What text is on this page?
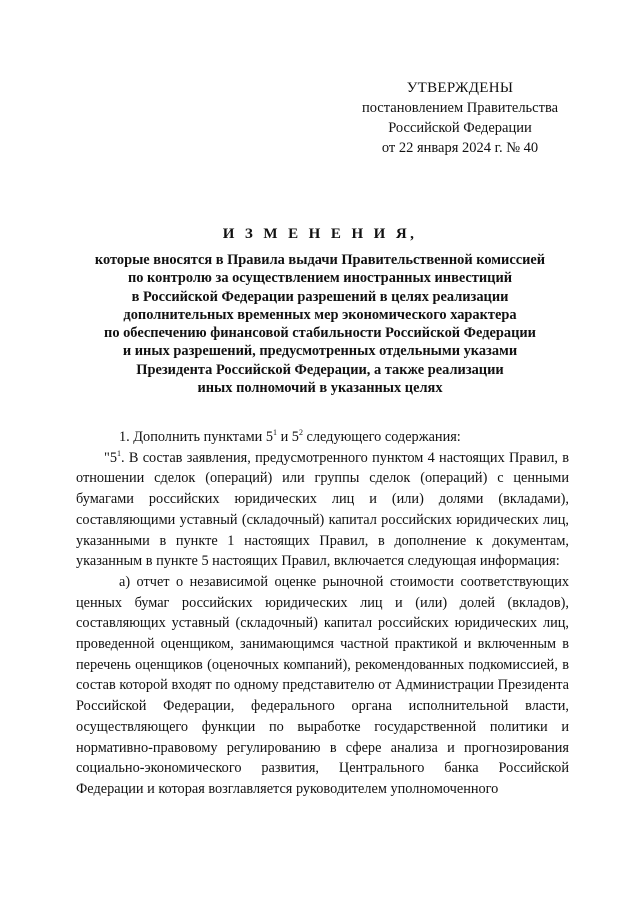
УТВЕРЖДЕНЫ
постановлением Правительства
Российской Федерации
от 22 января 2024 г. № 40
И З М Е Н Е Н И Я,
которые вносятся в Правила выдачи Правительственной комиссией
по контролю за осуществлением иностранных инвестиций
в Российской Федерации разрешений в целях реализации
дополнительных временных мер экономического характера
по обеспечению финансовой стабильности Российской Федерации
и иных разрешений, предусмотренных отдельными указами
Президента Российской Федерации, а также реализации
иных полномочий в указанных целях

1. Дополнить пунктами $5^1$ и $5^2$ следующего содержания:

"$5^1$. В состав заявления, предусмотренного пунктом 4 настоящих Правил, в отношении сделок (операций) или группы сделок (операций) с ценными бумагами российских юридических лиц и (или) долями (вкладами), составляющими уставный (складочный) капитал российских юридических лиц, указанными в пункте 1 настоящих Правил, в дополнение к документам, указанным в пункте 5 настоящих Правил, включается следующая информация:

а) отчет о независимой оценке рыночной стоимости соответствующих ценных бумаг российских юридических лиц и (или) долей (вкладов), составляющих уставный (складочный) капитал российских юридических лиц, проведенной оценщиком, занимающимся частной практикой и включенным в перечень оценщиков (оценочных компаний), рекомендованных подкомиссией, в состав которой входят по одному представителю от Администрации Президента Российской Федерации, федерального органа исполнительной власти, осуществляющего функции по выработке государственной политики и нормативно-правовому регулированию в сфере анализа и прогнозирования социально-экономического развития, Центрального банка Российской Федерации и которая возглавляется руководителем уполномоченного
